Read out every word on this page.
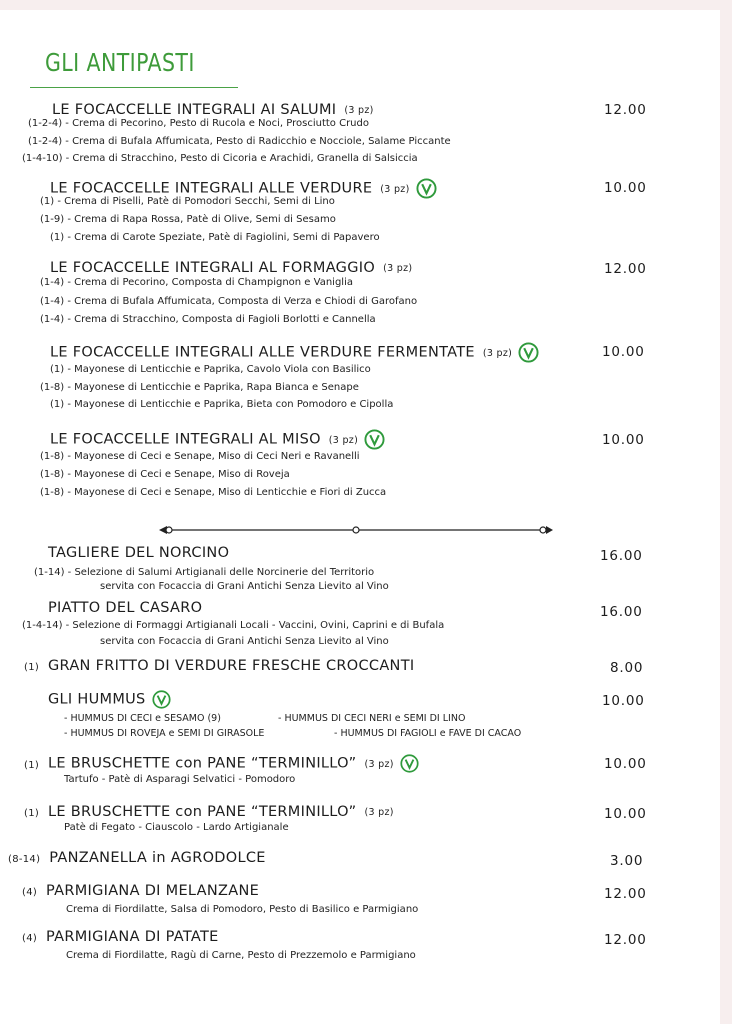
GLI ANTIPASTI
LE FOCACCELLE INTEGRALI AI SALUMI (3 pz)	12.00
(1-2-4) - Crema di Pecorino, Pesto di Rucola e Noci, Prosciutto Crudo
(1-2-4) - Crema di Bufala Affumicata, Pesto di Radicchio e Nocciole, Salame Piccante
(1-4-10) - Crema di Stracchino, Pesto di Cicoria e Arachidi, Granella di Salsiccia
LE FOCACCELLE INTEGRALI ALLE VERDURE (3 pz)	10.00
(1) - Crema di Piselli, Patè di Pomodori Secchi, Semi di Lino
(1-9) - Crema di Rapa Rossa, Patè di Olive, Semi di Sesamo
(1) - Crema di Carote Speziate, Patè di Fagiolini, Semi di Papavero
LE FOCACCELLE INTEGRALI AL FORMAGGIO (3 pz)	12.00
(1-4) - Crema di Pecorino, Composta di Champignon e Vaniglia
(1-4) - Crema di Bufala Affumicata, Composta di Verza e Chiodi di Garofano
(1-4) - Crema di Stracchino, Composta di Fagioli Borlotti e Cannella
LE FOCACCELLE INTEGRALI ALLE VERDURE FERMENTATE (3 pz)	10.00
(1) - Mayonese di Lenticchie e Paprika, Cavolo Viola con Basilico
(1-8) - Mayonese di Lenticchie e Paprika, Rapa Bianca e Senape
(1) - Mayonese di Lenticchie e Paprika, Bieta con Pomodoro e Cipolla
LE FOCACCELLE INTEGRALI AL MISO (3 pz)	10.00
(1-8) - Mayonese di Ceci e Senape, Miso di Ceci Neri e Ravanelli
(1-8) - Mayonese di Ceci e Senape, Miso di Roveja
(1-8) - Mayonese di Ceci e Senape, Miso di Lenticchie e Fiori di Zucca
TAGLIERE DEL NORCINO	16.00
(1-14) - Selezione di Salumi Artigianali delle Norcinerie del Territorio
servita con Focaccia di Grani Antichi Senza Lievito al Vino
PIATTO DEL CASARO	16.00
(1-4-14) - Selezione di Formaggi Artigianali Locali - Vaccini, Ovini, Caprini e di Bufala
servita con Focaccia di Grani Antichi Senza Lievito al Vino
(1) GRAN FRITTO DI VERDURE FRESCHE CROCCANTI	8.00
GLI HUMMUS	10.00
- HUMMUS DI CECI e SESAMO (9)	- HUMMUS DI CECI NERI e SEMI DI LINO
- HUMMUS DI ROVEJA e SEMI DI GIRASOLE	- HUMMUS DI FAGIOLI e FAVE DI CACAO
(1) LE BRUSCHETTE con PANE “TERMINILLO” (3 pz)	10.00
Tartufo - Patè di Asparagi Selvatici - Pomodoro
(1) LE BRUSCHETTE con PANE “TERMINILLO” (3 pz)	10.00
Patè di Fegato - Ciauscolo - Lardo Artigianale
(8-14) PANZANELLA in AGRODOLCE	3.00
(4) PARMIGIANA DI MELANZANE	12.00
Crema di Fiordilatte, Salsa di Pomodoro, Pesto di Basilico e Parmigiano
(4) PARMIGIANA DI PATATE	12.00
Crema di Fiordilatte, Ragù di Carne, Pesto di Prezzemolo e Parmigiano
